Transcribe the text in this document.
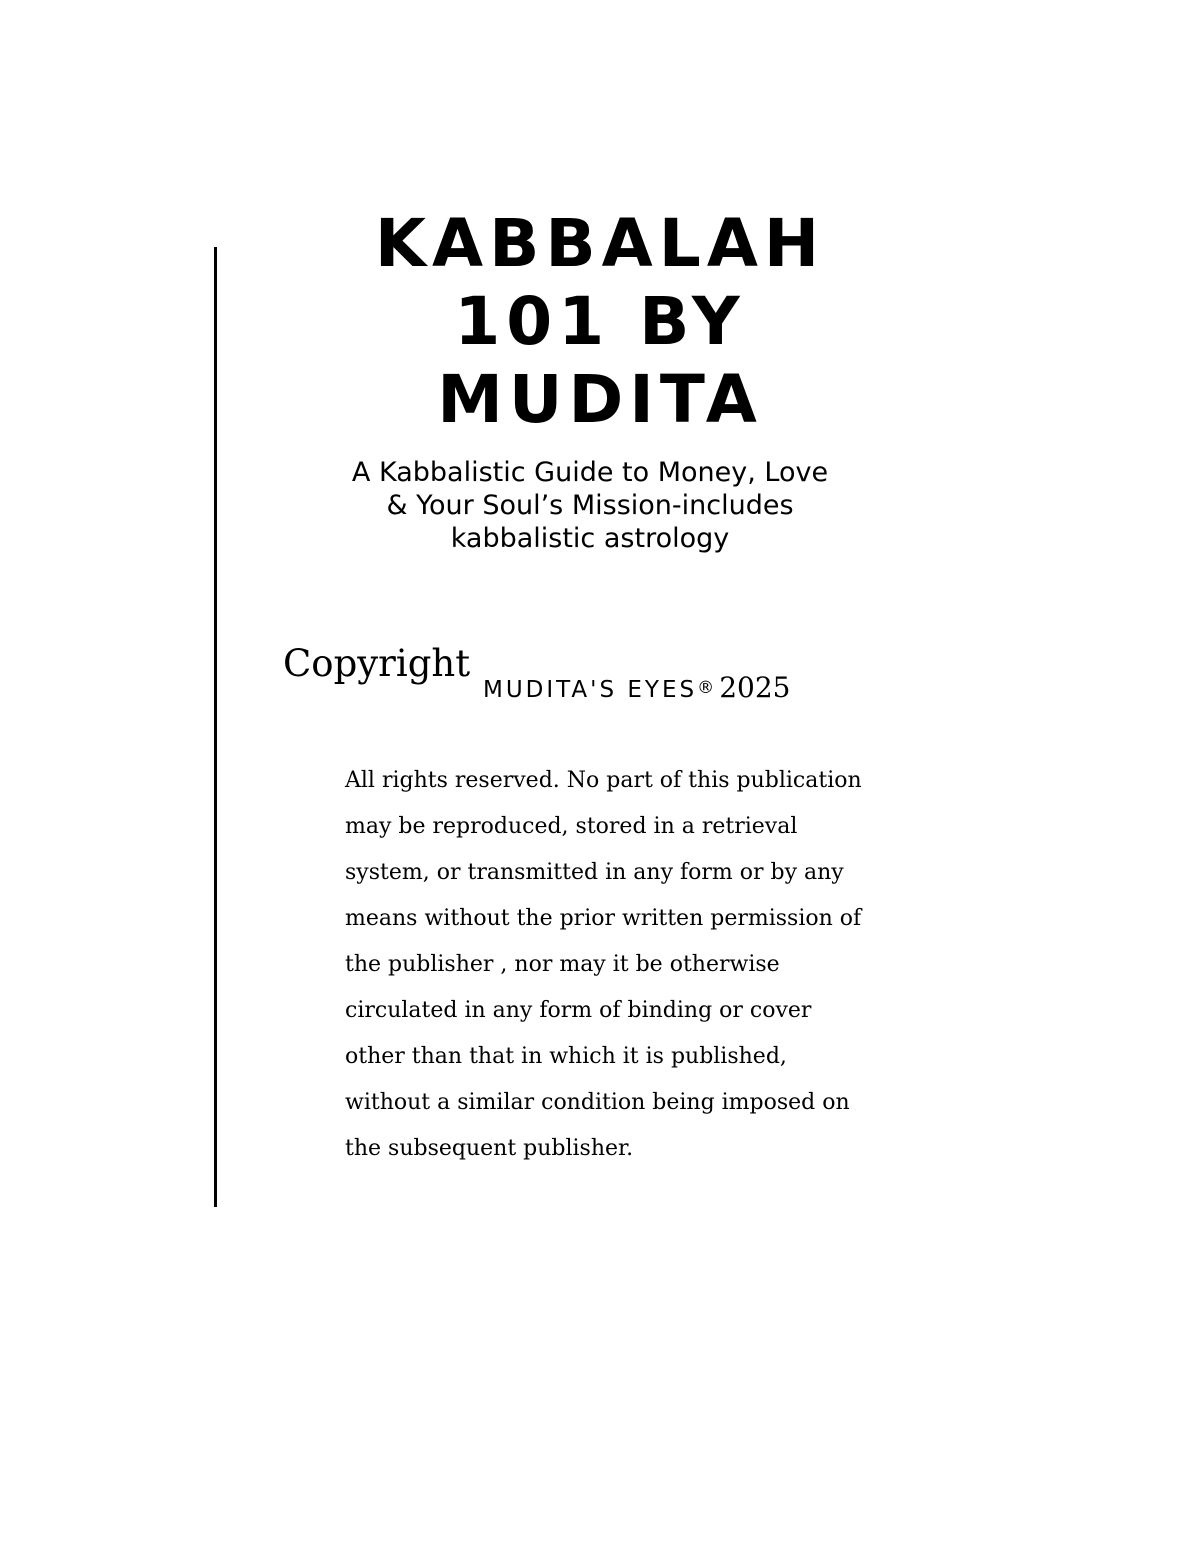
KABBALAH
101 BY
MUDITA
A Kabbalistic Guide to Money, Love
& Your Soul’s Mission-includes
kabbalistic astrology
Copyright
MUDITA'S EYES® 2025
All rights reserved. No part of this publication
may be reproduced, stored in a retrieval
system, or transmitted in any form or by any
means without the prior written permission of
the publisher , nor may it be otherwise
circulated in any form of binding or cover
other than that in which it is published,
without a similar condition being imposed on
the subsequent publisher.
